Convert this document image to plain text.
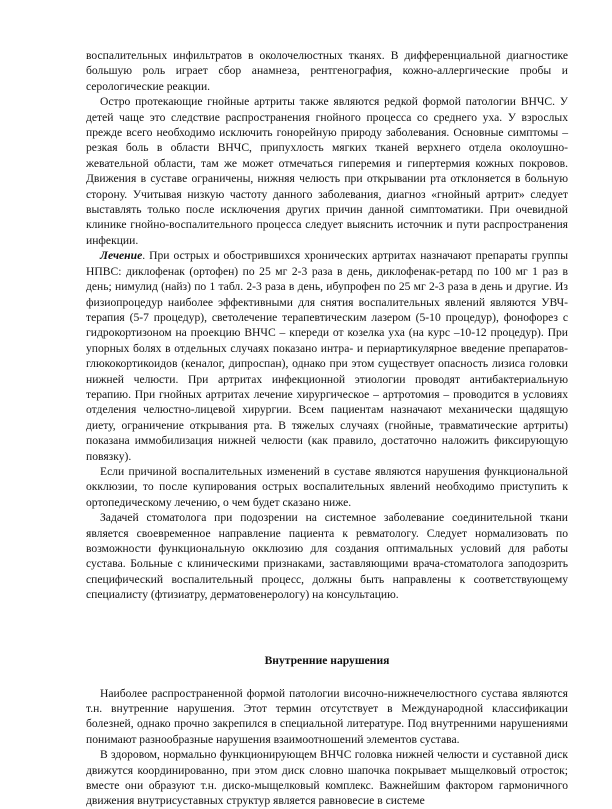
воспалительных инфильтратов в околочелюстных тканях. В дифференциальной диагностике большую роль играет сбор анамнеза, рентгенография, кожно-аллергические пробы и серологические реакции.

Остро протекающие гнойные артриты также являются редкой формой патологии ВНЧС. У детей чаще это следствие распространения гнойного процесса со среднего уха. У взрослых прежде всего необходимо исключить гонорейную природу заболевания. Основные симптомы – резкая боль в области ВНЧС, припухлость мягких тканей верхнего отдела околоушно-жевательной области, там же может отмечаться гиперемия и гипертермия кожных покровов. Движения в суставе ограничены, нижняя челюсть при открывании рта отклоняется в больную сторону. Учитывая низкую частоту данного заболевания, диагноз «гнойный артрит» следует выставлять только после исключения других причин данной симптоматики. При очевидной клинике гнойно-воспалительного процесса следует выяснить источник и пути распространения инфекции.

Лечение. При острых и обострившихся хронических артритах назначают препараты группы НПВС: диклофенак (ортофен) по 25 мг 2-3 раза в день, диклофенак-ретард по 100 мг 1 раз в день; нимулид (найз) по 1 табл. 2-3 раза в день, ибупрофен по 25 мг 2-3 раза в день и другие. Из физиопроцедур наиболее эффективными для снятия воспалительных явлений являются УВЧ-терапия (5-7 процедур), светолечение терапевтическим лазером (5-10 процедур), фонофорез с гидрокортизоном на проекцию ВНЧС – кпереди от козелка уха (на курс –10-12 процедур). При упорных болях в отдельных случаях показано интра- и периартикулярное введение препаратов-глюкокортикоидов (кеналог, дипроспан), однако при этом существует опасность лизиса головки нижней челюсти. При артритах инфекционной этиологии проводят антибактериальную терапию. При гнойных артритах лечение хирургическое – артротомия – проводится в условиях отделения челюстно-лицевой хирургии. Всем пациентам назначают механически щадящую диету, ограничение открывания рта. В тяжелых случаях (гнойные, травматические артриты) показана иммобилизация нижней челюсти (как правило, достаточно наложить фиксирующую повязку).

Если причиной воспалительных изменений в суставе являются нарушения функциональной окклюзии, то после купирования острых воспалительных явлений необходимо приступить к ортопедическому лечению, о чем будет сказано ниже.

Задачей стоматолога при подозрении на системное заболевание соединительной ткани является своевременное направление пациента к ревматологу. Следует нормализовать по возможности функциональную окклюзию для создания оптимальных условий для работы сустава. Больные с клиническими признаками, заставляющими врача-стоматолога заподозрить специфический воспалительный процесс, должны быть направлены к соответствующему специалисту (фтизиатру, дерматовенерологу) на консультацию.

Внутренние нарушения

Наиболее распространенной формой патологии височно-нижнечелюстного сустава являются т.н. внутренние нарушения. Этот термин отсутствует в Международной классификации болезней, однако прочно закрепился в специальной литературе. Под внутренними нарушениями понимают разнообразные нарушения взаимоотношений элементов сустава.

В здоровом, нормально функционирующем ВНЧС головка нижней челюсти и суставной диск движутся координированно, при этом диск словно шапочка покрывает мыщелковый отросток; вместе они образуют т.н. диско-мыщелковый комплекс. Важнейшим фактором гармоничного движения внутрисуставных структур является равновесие в системе
